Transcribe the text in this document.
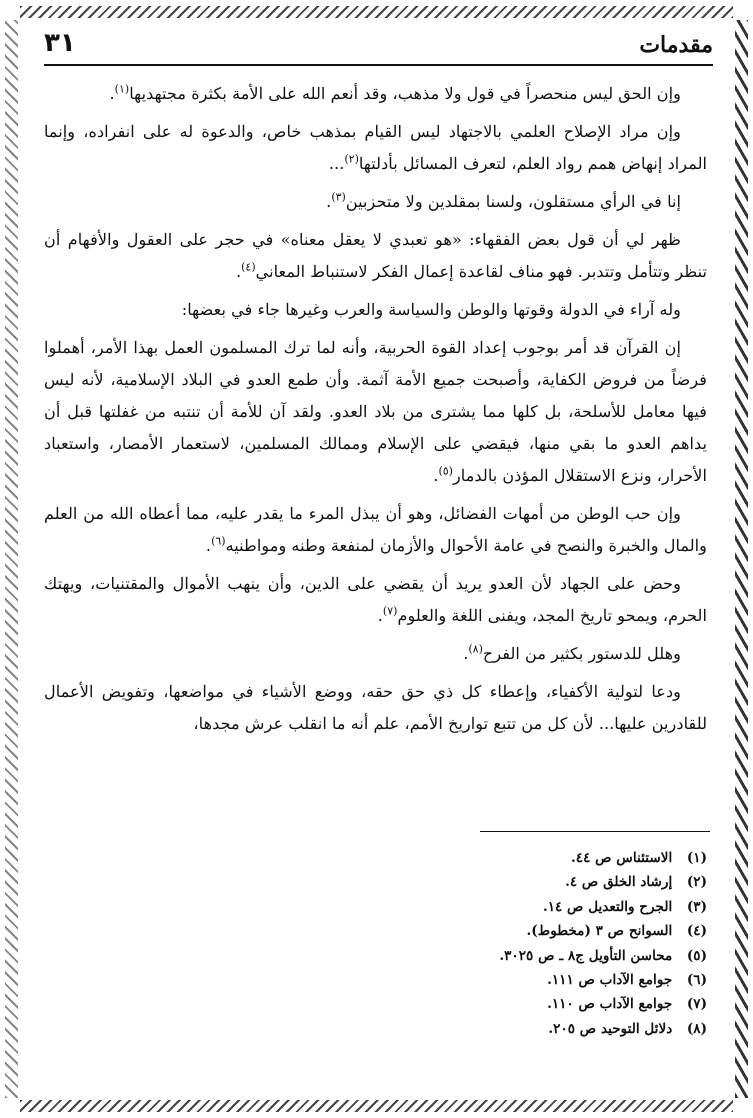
مقدمات
٣١

وإن الحق ليس منحصراً في قول ولا مذهب، وقد أنعم الله على الأمة بكثرة مجتهديها$^{(١)}$.

وإن مراد الإصلاح العلمي بالاجتهاد ليس القيام بمذهب خاص، والدعوة له على انفراده، وإنما المراد إنهاض همم رواد العلم، لتعرف المسائل بأدلتها$^{(٢)}$...

إنا في الرأي مستقلون، ولسنا بمقلدين ولا متحزبين$^{(٣)}$.

ظهر لي أن قول بعض الفقهاء: «هو تعبدي لا يعقل معناه» في حجر على العقول والأفهام أن تنظر وتتأمل وتتدبر. فهو مناف لقاعدة إعمال الفكر لاستنباط المعاني$^{(٤)}$.

وله آراء في الدولة وقوتها والوطن والسياسة والعرب وغيرها جاء في بعضها:

إن القرآن قد أمر بوجوب إعداد القوة الحربية، وأنه لما ترك المسلمون العمل بهذا الأمر، أهملوا فرضاً من فروض الكفاية، وأصبحت جميع الأمة آثمة. وأن طمع العدو في البلاد الإسلامية، لأنه ليس فيها معامل للأسلحة، بل كلها مما يشترى من بلاد العدو. ولقد آن للأمة أن تنتبه من غفلتها قبل أن يداهم العدو ما بقي منها، فيقضي على الإسلام وممالك المسلمين، لاستعمار الأمصار، واستعباد الأحرار، ونزع الاستقلال المؤذن بالدمار$^{(٥)}$.

وإن حب الوطن من أمهات الفضائل، وهو أن يبذل المرء ما يقدر عليه، مما أعطاه الله من العلم والمال والخبرة والنصح في عامة الأحوال والأزمان لمنفعة وطنه ومواطنيه$^{(٦)}$.

وحض على الجهاد لأن العدو يريد أن يقضي على الدين، وأن ينهب الأموال والمقتنيات، ويهتك الحرم، ويمحو تاريخ المجد، ويفنى اللغة والعلوم$^{(٧)}$.

وهلل للدستور بكثير من الفرح$^{(٨)}$.

ودعا لتولية الأكفياء، وإعطاء كل ذي حق حقه، ووضع الأشياء في مواضعها، وتفويض الأعمال للقادرين عليها... لأن كل من تتبع تواريخ الأمم، علم أنه ما انقلب عرش مجدها،

(١) الاستئناس ص ٤٤.
(٢) إرشاد الخلق ص ٤.
(٣) الجرح والتعديل ص ١٤.
(٤) السوانح ص ٣ (مخطوط).
(٥) محاسن التأويل ج٨ ـ ص ٣٠٢٥.
(٦) جوامع الآداب ص ١١١.
(٧) جوامع الآداب ص ١١٠.
(٨) دلائل التوحيد ص ٢٠٥.
